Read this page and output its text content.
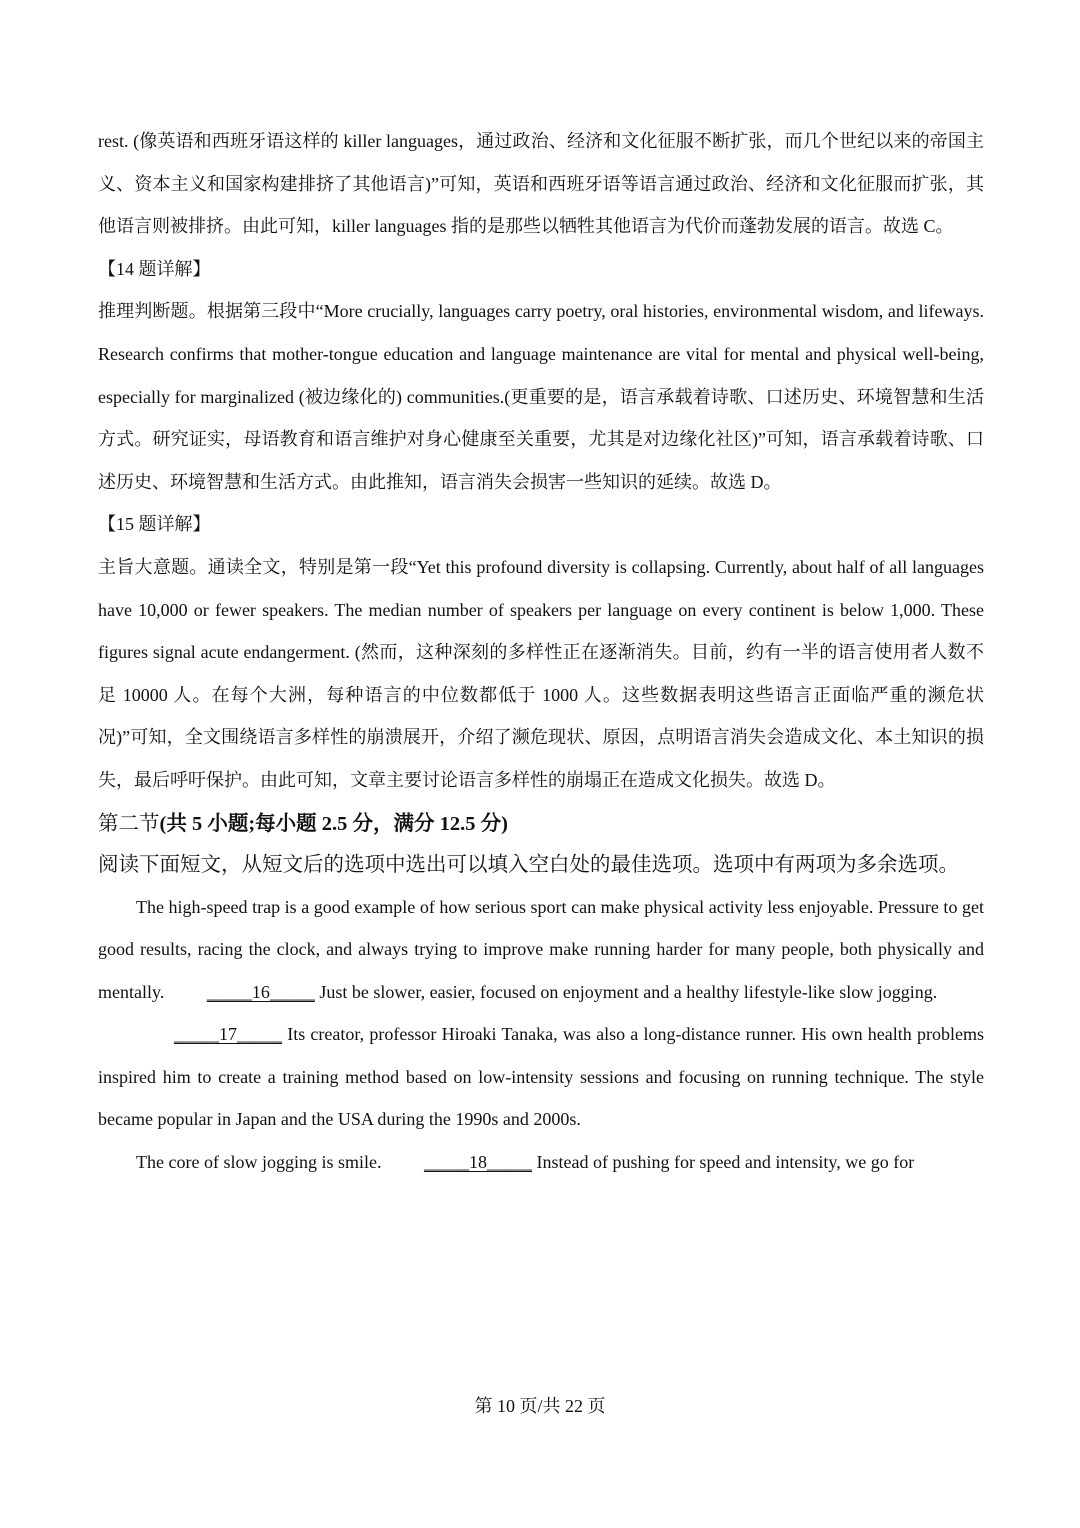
rest. (像英语和西班牙语这样的 killer languages，通过政治、经济和文化征服不断扩张，而几个世纪以来的帝国主义、资本主义和国家构建排挤了其他语言)”可知，英语和西班牙语等语言通过政治、经济和文化征服而扩张，其他语言则被排挤。由此可知，killer languages 指的是那些以牺牲其他语言为代价而蓬勃发展的语言。故选 C。

【14 题详解】

推理判断题。根据第三段中“More crucially, languages carry poetry, oral histories, environmental wisdom, and lifeways. Research confirms that mother-tongue education and language maintenance are vital for mental and physical well-being, especially for marginalized (被边缘化的) communities.(更重要的是，语言承载着诗歌、口述历史、环境智慧和生活方式。研究证实，母语教育和语言维护对身心健康至关重要，尤其是对边缘化社区)”可知，语言承载着诗歌、口述历史、环境智慧和生活方式。由此推知，语言消失会损害一些知识的延续。故选 D。

【15 题详解】

主旨大意题。通读全文，特别是第一段“Yet this profound diversity is collapsing. Currently, about half of all languages have 10,000 or fewer speakers. The median number of speakers per language on every continent is below 1,000. These figures signal acute endangerment. (然而，这种深刻的多样性正在逐渐消失。目前，约有一半的语言使用者人数不足 10000 人。在每个大洲，每种语言的中位数都低于 1000 人。这些数据表明这些语言正面临严重的濒危状况)”可知，全文围绕语言多样性的崩溃展开，介绍了濒危现状、原因，点明语言消失会造成文化、本土知识的损失，最后呼吁保护。由此可知，文章主要讨论语言多样性的崩塌正在造成文化损失。故选 D。

第二节(共 5 小题;每小题 2.5 分，满分 12.5 分)

阅读下面短文，从短文后的选项中选出可以填入空白处的最佳选项。选项中有两项为多余选项。

The high-speed trap is a good example of how serious sport can make physical activity less enjoyable. Pressure to get good results, racing the clock, and always trying to improve make running harder for many people, both physically and mentally. _____16_____ Just be slower, easier, focused on enjoyment and a healthy lifestyle-like slow jogging.

_____17_____ Its creator, professor Hiroaki Tanaka, was also a long-distance runner. His own health problems inspired him to create a training method based on low-intensity sessions and focusing on running technique. The style became popular in Japan and the USA during the 1990s and 2000s.

The core of slow jogging is smile. _____18_____ Instead of pushing for speed and intensity, we go for

第 10 页/共 22 页
